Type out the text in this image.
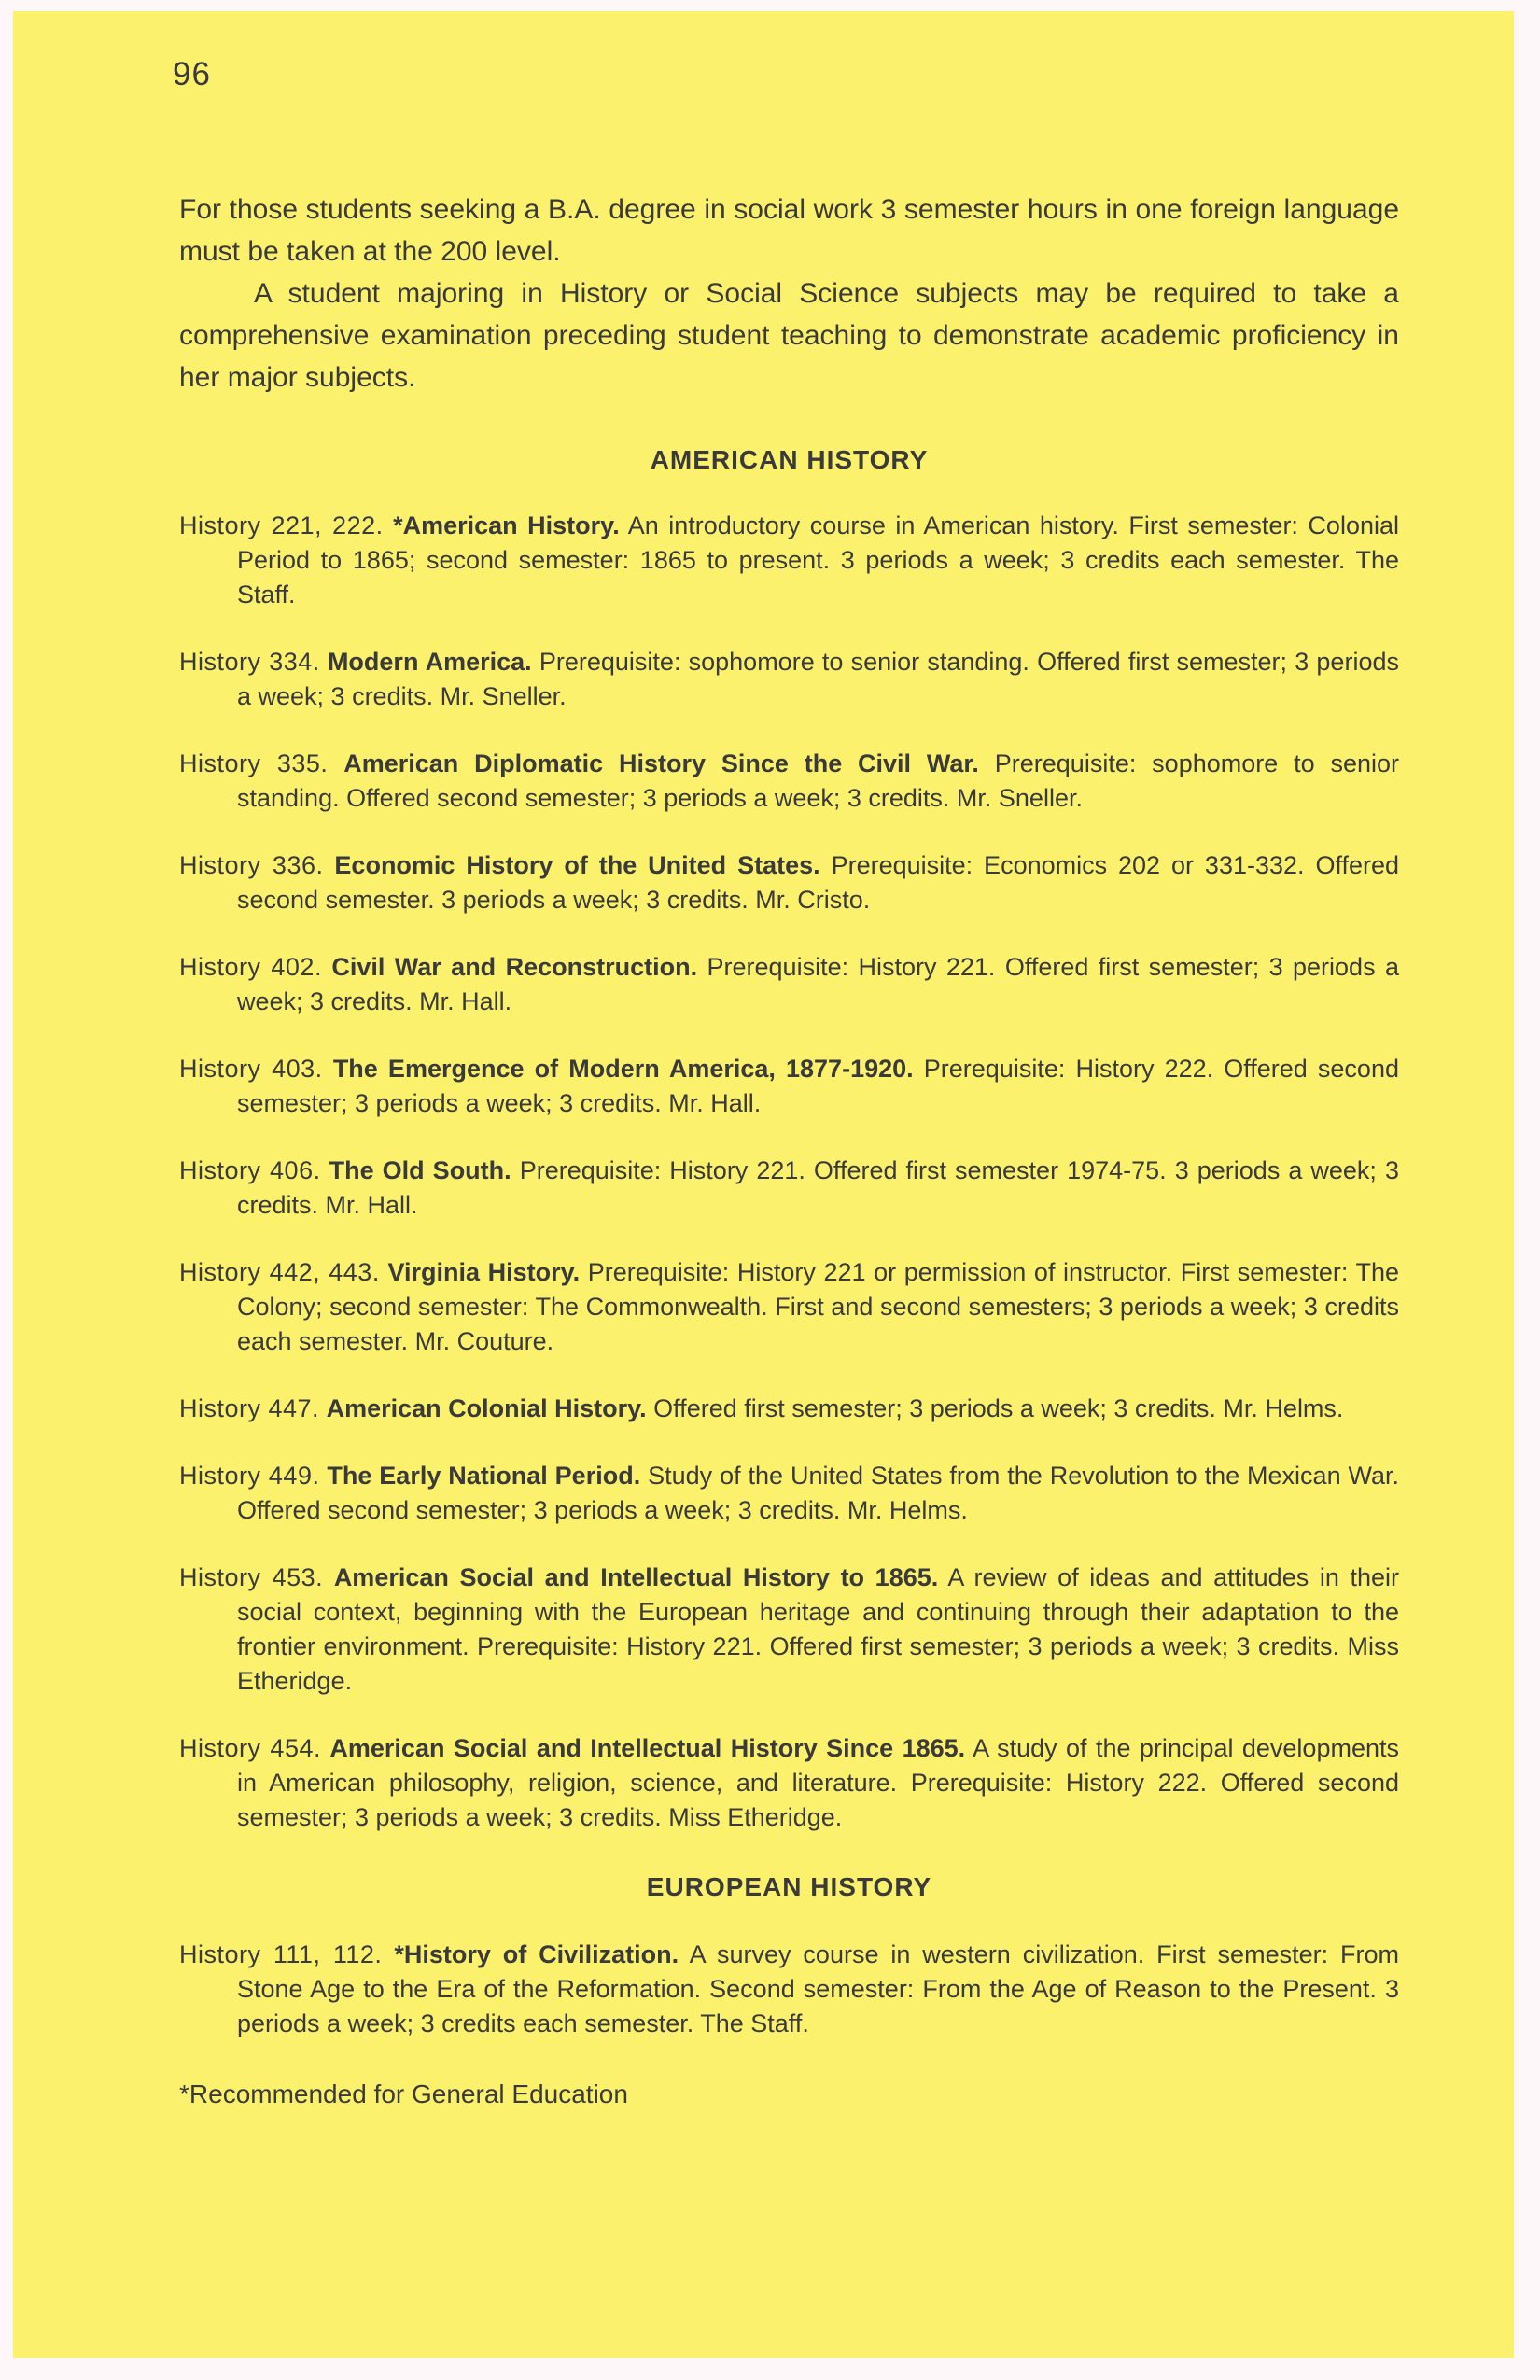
96

For those students seeking a B.A. degree in social work 3 semester hours in one foreign language must be taken at the 200 level.

A student majoring in History or Social Science subjects may be required to take a comprehensive examination preceding student teaching to demonstrate academic proficiency in her major subjects.

AMERICAN HISTORY

History 221, 222. *American History. An introductory course in American history. First semester: Colonial Period to 1865; second semester: 1865 to present. 3 periods a week; 3 credits each semester. The Staff.

History 334. Modern America. Prerequisite: sophomore to senior standing. Offered first semester; 3 periods a week; 3 credits. Mr. Sneller.

History 335. American Diplomatic History Since the Civil War. Prerequisite: sophomore to senior standing. Offered second semester; 3 periods a week; 3 credits. Mr. Sneller.

History 336. Economic History of the United States. Prerequisite: Economics 202 or 331-332. Offered second semester. 3 periods a week; 3 credits. Mr. Cristo.

History 402. Civil War and Reconstruction. Prerequisite: History 221. Offered first semester; 3 periods a week; 3 credits. Mr. Hall.

History 403. The Emergence of Modern America, 1877-1920. Prerequisite: History 222. Offered second semester; 3 periods a week; 3 credits. Mr. Hall.

History 406. The Old South. Prerequisite: History 221. Offered first semester 1974-75. 3 periods a week; 3 credits. Mr. Hall.

History 442, 443. Virginia History. Prerequisite: History 221 or permission of instructor. First semester: The Colony; second semester: The Commonwealth. First and second semesters; 3 periods a week; 3 credits each semester. Mr. Couture.

History 447. American Colonial History. Offered first semester; 3 periods a week; 3 credits. Mr. Helms.

History 449. The Early National Period. Study of the United States from the Revolution to the Mexican War. Offered second semester; 3 periods a week; 3 credits. Mr. Helms.

History 453. American Social and Intellectual History to 1865. A review of ideas and attitudes in their social context, beginning with the European heritage and continuing through their adaptation to the frontier environment. Prerequisite: History 221. Offered first semester; 3 periods a week; 3 credits. Miss Etheridge.

History 454. American Social and Intellectual History Since 1865. A study of the principal developments in American philosophy, religion, science, and literature. Prerequisite: History 222. Offered second semester; 3 periods a week; 3 credits. Miss Etheridge.

EUROPEAN HISTORY

History 111, 112. *History of Civilization. A survey course in western civilization. First semester: From Stone Age to the Era of the Reformation. Second semester: From the Age of Reason to the Present. 3 periods a week; 3 credits each semester. The Staff.

*Recommended for General Education
